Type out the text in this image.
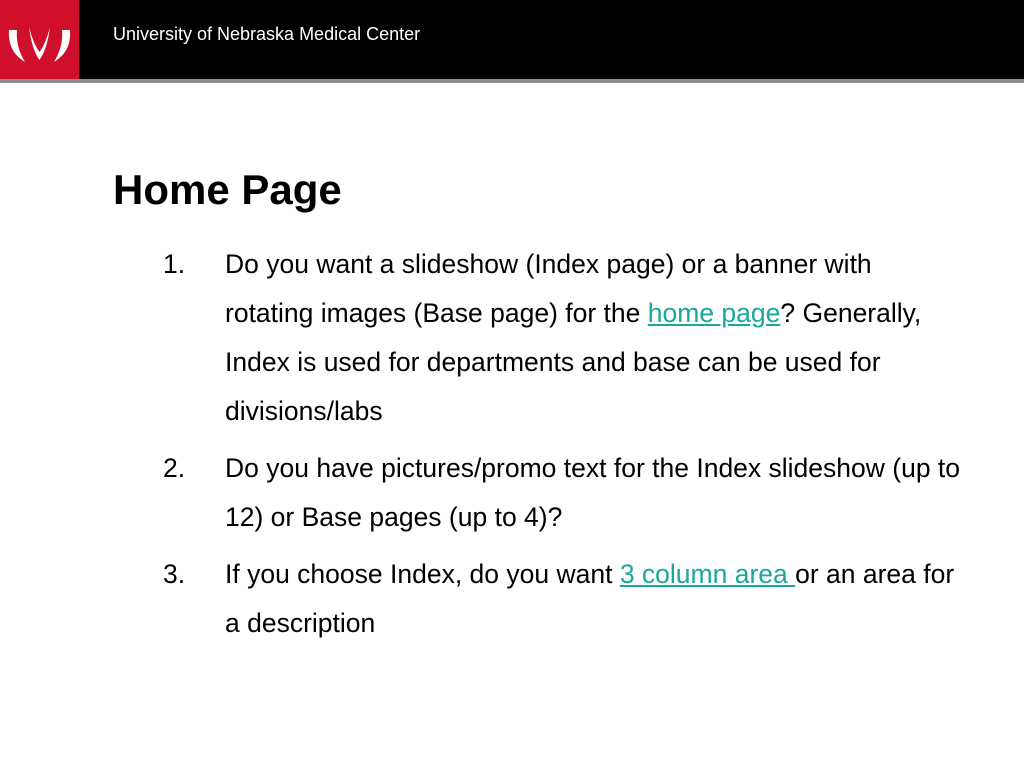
University of Nebraska Medical Center
Home Page
1. Do you want a slideshow (Index page) or a banner with rotating images (Base page) for the home page? Generally, Index is used for departments and base can be used for divisions/labs
2. Do you have pictures/promo text for the Index slideshow (up to 12) or Base pages (up to 4)?
3. If you choose Index, do you want 3 column area or an area for a description
